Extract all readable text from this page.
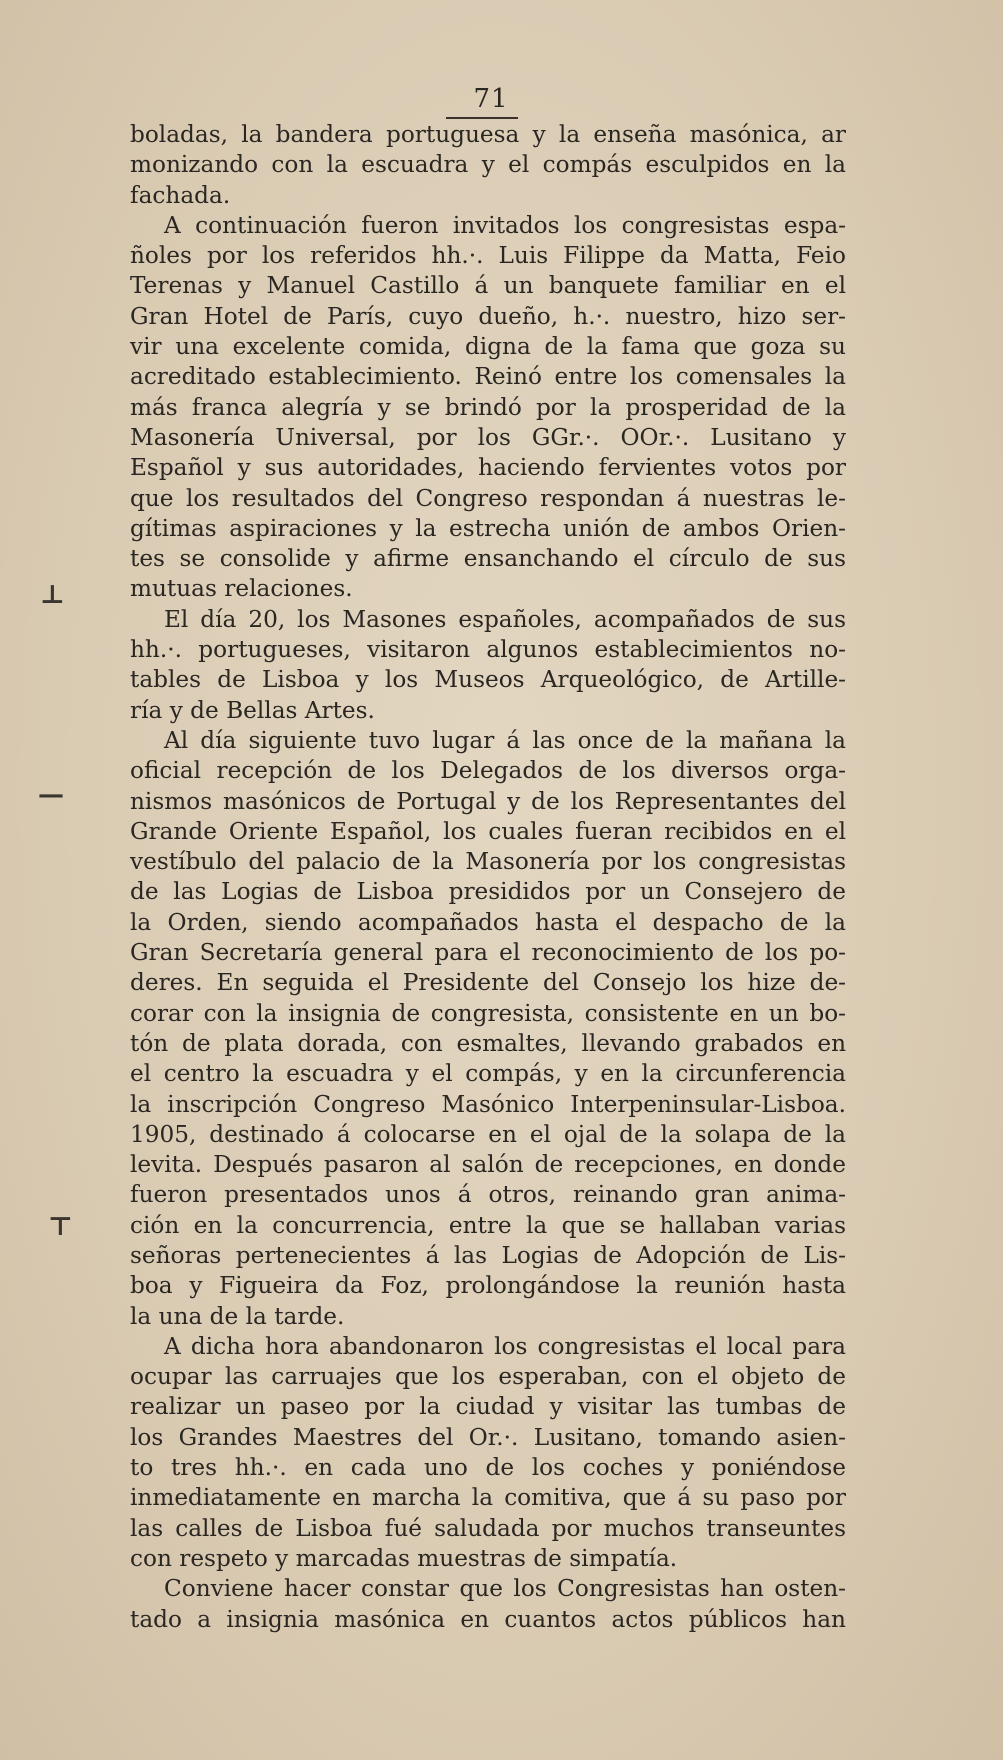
71
⊥
—
⊤
boladas, la bandera portuguesa y la enseña masónica, ar
monizando con la escuadra y el compás esculpidos en la
fachada.
A continuación fueron invitados los congresistas espa-
ñoles por los referidos hh.·. Luis Filippe da Matta, Feio
Terenas y Manuel Castillo á un banquete familiar en el
Gran Hotel de París, cuyo dueño, h.·. nuestro, hizo ser-
vir una excelente comida, digna de la fama que goza su
acreditado establecimiento. Reinó entre los comensales la
más franca alegría y se brindó por la prosperidad de la
Masonería Universal, por los GGr.·. OOr.·. Lusitano y
Español y sus autoridades, haciendo fervientes votos por
que los resultados del Congreso respondan á nuestras le-
gítimas aspiraciones y la estrecha unión de ambos Orien-
tes se consolide y afirme ensanchando el círculo de sus
mutuas relaciones.
El día 20, los Masones españoles, acompañados de sus
hh.·. portugueses, visitaron algunos establecimientos no-
tables de Lisboa y los Museos Arqueológico, de Artille-
ría y de Bellas Artes.
Al día siguiente tuvo lugar á las once de la mañana la
oficial recepción de los Delegados de los diversos orga-
nismos masónicos de Portugal y de los Representantes del
Grande Oriente Español, los cuales fueran recibidos en el
vestíbulo del palacio de la Masonería por los congresistas
de las Logias de Lisboa presididos por un Consejero de
la Orden, siendo acompañados hasta el despacho de la
Gran Secretaría general para el reconocimiento de los po-
deres. En seguida el Presidente del Consejo los hize de-
corar con la insignia de congresista, consistente en un bo-
tón de plata dorada, con esmaltes, llevando grabados en
el centro la escuadra y el compás, y en la circunferencia
la inscripción Congreso Masónico Interpeninsular-Lisboa.
1905, destinado á colocarse en el ojal de la solapa de la
levita. Después pasaron al salón de recepciones, en donde
fueron presentados unos á otros, reinando gran anima-
ción en la concurrencia, entre la que se hallaban varias
señoras pertenecientes á las Logias de Adopción de Lis-
boa y Figueira da Foz, prolongándose la reunión hasta
la una de la tarde.
A dicha hora abandonaron los congresistas el local para
ocupar las carruajes que los esperaban, con el objeto de
realizar un paseo por la ciudad y visitar las tumbas de
los Grandes Maestres del Or.·. Lusitano, tomando asien-
to tres hh.·. en cada uno de los coches y poniéndose
inmediatamente en marcha la comitiva, que á su paso por
las calles de Lisboa fué saludada por muchos transeuntes
con respeto y marcadas muestras de simpatía.
Conviene hacer constar que los Congresistas han osten-
tado a insignia masónica en cuantos actos públicos han
